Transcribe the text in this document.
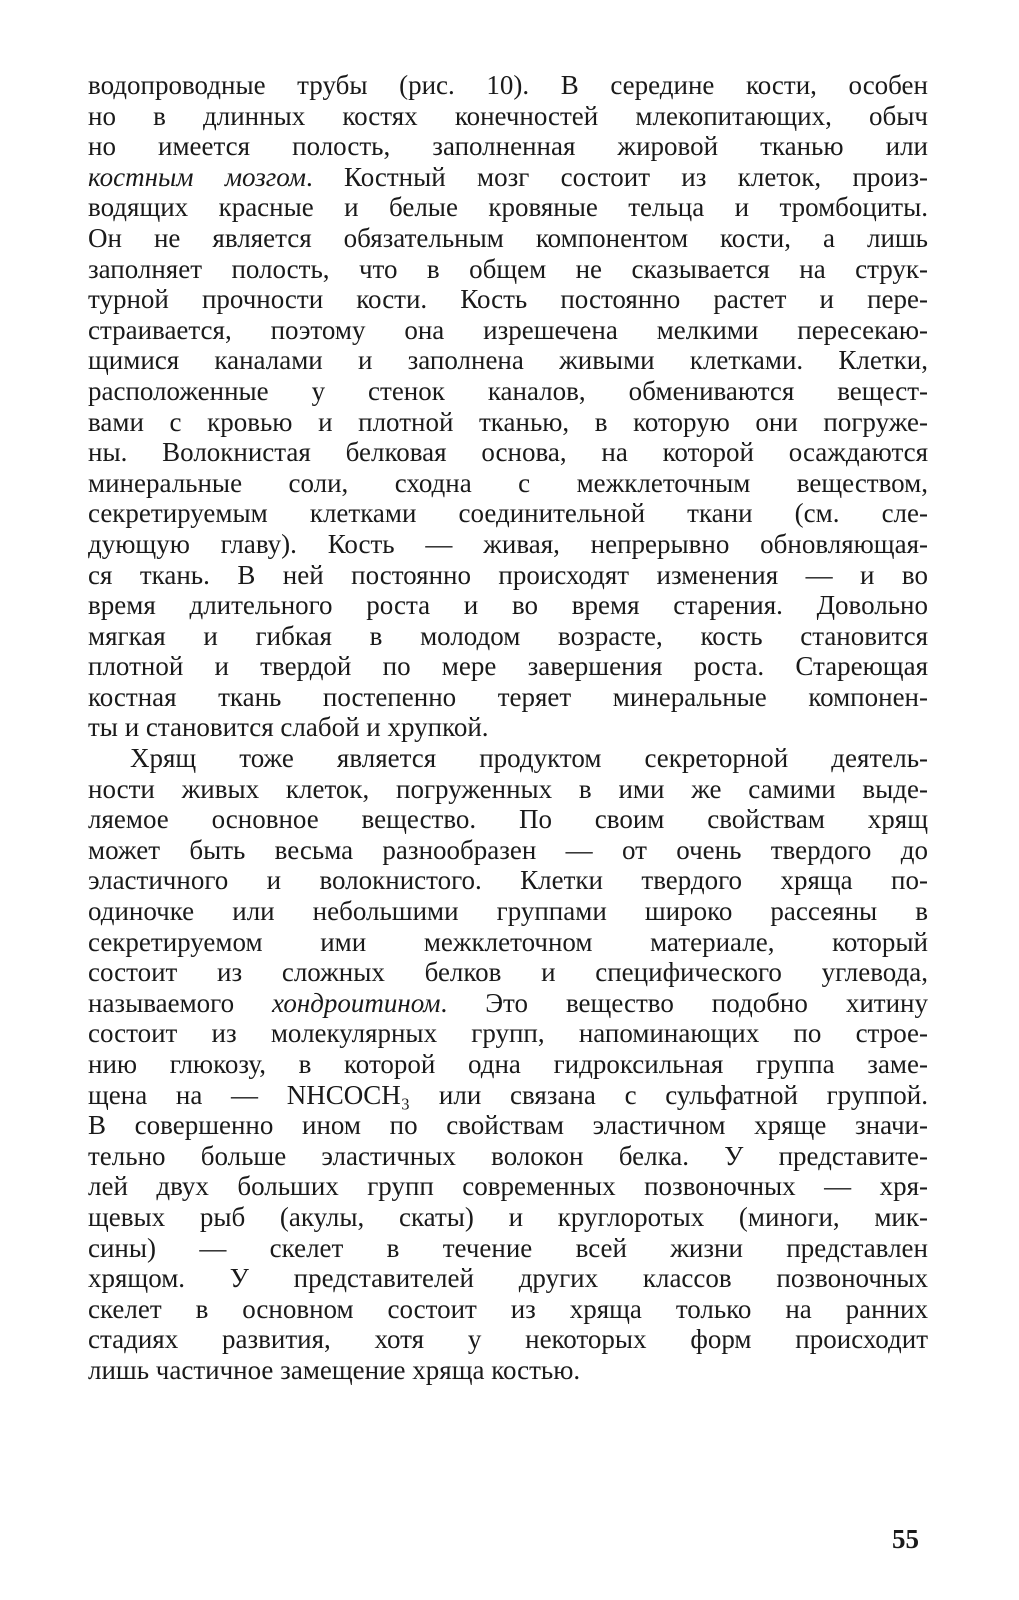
водопроводные трубы (рис. 10). В середине кости, особен
но в длинных костях конечностей млекопитающих, обыч
но имеется полость, заполненная жировой тканью или
костным мозгом. Костный мозг состоит из клеток, произ-
водящих красные и белые кровяные тельца и тромбоциты.
Он не является обязательным компонентом кости, а лишь
заполняет полость, что в общем не сказывается на струк-
турной прочности кости. Кость постоянно растет и пере-
страивается, поэтому она изрешечена мелкими пересекаю-
щимися каналами и заполнена живыми клетками. Клетки,
расположенные у стенок каналов, обмениваются вещест-
вами с кровью и плотной тканью, в которую они погруже-
ны. Волокнистая белковая основа, на которой осаждаются
минеральные соли, сходна с межклеточным веществом,
секретируемым клетками соединительной ткани (см. сле-
дующую главу). Кость — живая, непрерывно обновляющая-
ся ткань. В ней постоянно происходят изменения — и во
время длительного роста и во время старения. Довольно
мягкая и гибкая в молодом возрасте, кость становится
плотной и твердой по мере завершения роста. Стареющая
костная ткань постепенно теряет минеральные компонен-
ты и становится слабой и хрупкой.
Хрящ тоже является продуктом секреторной деятель-
ности живых клеток, погруженных в ими же самими выде-
ляемое основное вещество. По своим свойствам хрящ
может быть весьма разнообразен — от очень твердого до
эластичного и волокнистого. Клетки твердого хряща по-
одиночке или небольшими группами широко рассеяны в
секретируемом ими межклеточном материале, который
состоит из сложных белков и специфического углевода,
называемого хондроитином. Это вещество подобно хитину
состоит из молекулярных групп, напоминающих по строе-
нию глюкозу, в которой одна гидроксильная группа заме-
щена на — NHCOCH₃ или связана с сульфатной группой.
В совершенно ином по свойствам эластичном хряще значи-
тельно больше эластичных волокон белка. У представите-
лей двух больших групп современных позвоночных — хря-
щевых рыб (акулы, скаты) и круглоротых (миноги, мик-
сины) — скелет в течение всей жизни представлен
хрящом. У представителей других классов позвоночных
скелет в основном состоит из хряща только на ранних
стадиях развития, хотя у некоторых форм происходит
лишь частичное замещение хряща костью.
55
